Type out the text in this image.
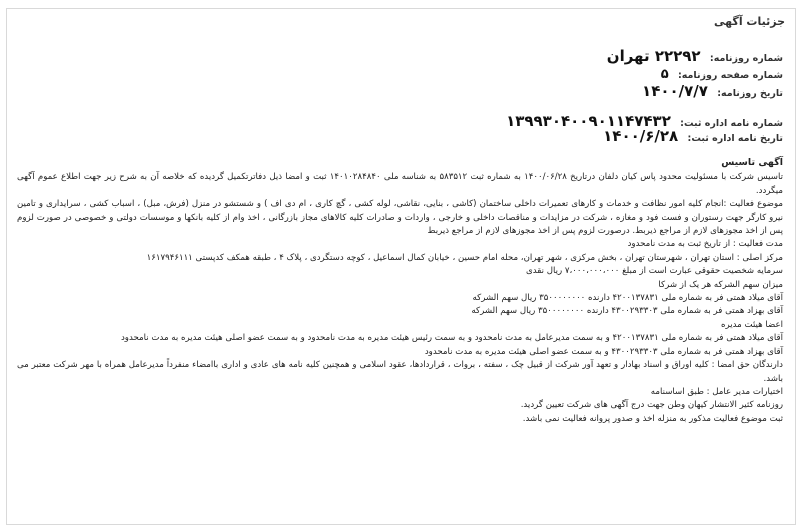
جزئیات آگهی
شماره روزنامه: ۲۲۲۹۲ تهران
شماره صفحه روزنامه: ۵
تاریخ روزنامه: ۱۴۰۰/۷/۷
شماره نامه اداره ثبت: ۱۳۹۹۳۰۴۰۰۹۰۱۱۴۷۴۳۲
تاریخ نامه اداره ثبت: ۱۴۰۰/۶/۲۸
آگهی تاسیس

تاسیس شرکت با مسئولیت محدود پاس کیان دلفان درتاریخ ۱۴۰۰/۰۶/۲۸ به شماره ثبت ۵۸۳۵۱۲ به شناسه ملی ۱۴۰۱۰۲۸۴۸۴۰ ثبت و امضا ذیل دفاترتکمیل گردیده که خلاصه آن به شرح زیر جهت اطلاع عموم آگهی میگردد.

موضوع فعالیت :انجام کلیه امور نظافت و خدمات و کارهای تعمیرات داخلی ساختمان (کاشی ، بنایی، نقاشی، لوله کشی ، گچ کاری ، ام دی اف ) و شستشو در منزل (فرش، مبل) ، اسباب کشی ، سرایداری و تامین نیرو کارگر جهت رستوران و فست فود و مغازه ، شرکت در مزایدات و مناقصات داخلی و خارجی ، واردات و صادرات کلیه کالاهای مجاز بازرگانی ، اخذ وام از کلیه بانکها و موسسات دولتی و خصوصی در صورت لزوم پس از اخذ مجوزهای لازم از مراجع ذیربط. درصورت لزوم پس از اخذ مجوزهای لازم از مراجع ذیربط

مدت فعالیت : از تاریخ ثبت به مدت نامحدود

مرکز اصلی : استان تهران ، شهرستان تهران ، بخش مرکزی ، شهر تهران، محله امام حسین ، خیابان کمال اسماعیل ، کوچه دستگردی ، پلاک ۴ ، طبقه همکف کدپستی ۱۶۱۷۹۴۶۱۱۱

سرمایه شخصیت حقوقی عبارت است از مبلغ ۷،۰۰۰،۰۰۰،۰۰۰ ریال نقدی

میزان سهم الشرکه هر یک از شرکا

آقای میلاد همتی فر به شماره ملی ۴۲۰۰۱۳۷۸۳۱ دارنده ۳۵۰۰۰۰۰۰۰۰ ریال سهم الشرکه

آقای بهزاد همتی فر به شماره ملی ۴۳۰۰۲۹۳۳۰۳ دارنده ۳۵۰۰۰۰۰۰۰۰ ریال سهم الشرکه

اعضا هیئت مدیره

آقای میلاد همتی فر به شماره ملی ۴۲۰۰۱۳۷۸۳۱ و به سمت مدیرعامل به مدت نامحدود و به سمت رئیس هیئت مدیره به مدت نامحدود و به سمت عضو اصلی هیئت مدیره به مدت نامحدود

آقای بهزاد همتی فر به شماره ملی ۴۳۰۰۲۹۳۳۰۳ و به سمت عضو اصلی هیئت مدیره به مدت نامحدود

دارندگان حق امضا : کلیه اوراق و اسناد بهادار و تعهد آور شرکت از قبیل چک ، سفته ، بروات ، قراردادها، عقود اسلامی و همچنین کلیه نامه های عادی و اداری باامضاء منفرداً مدیرعامل همراه با مهر شرکت معتبر می باشد.

اختیارات مدیر عامل : طبق اساسنامه

روزنامه کثیر الانتشار کیهان وطن جهت درج آگهی های شرکت تعیین گردید.

ثبت موضوع فعالیت مذکور به منزله اخذ و صدور پروانه فعالیت نمی باشد.
